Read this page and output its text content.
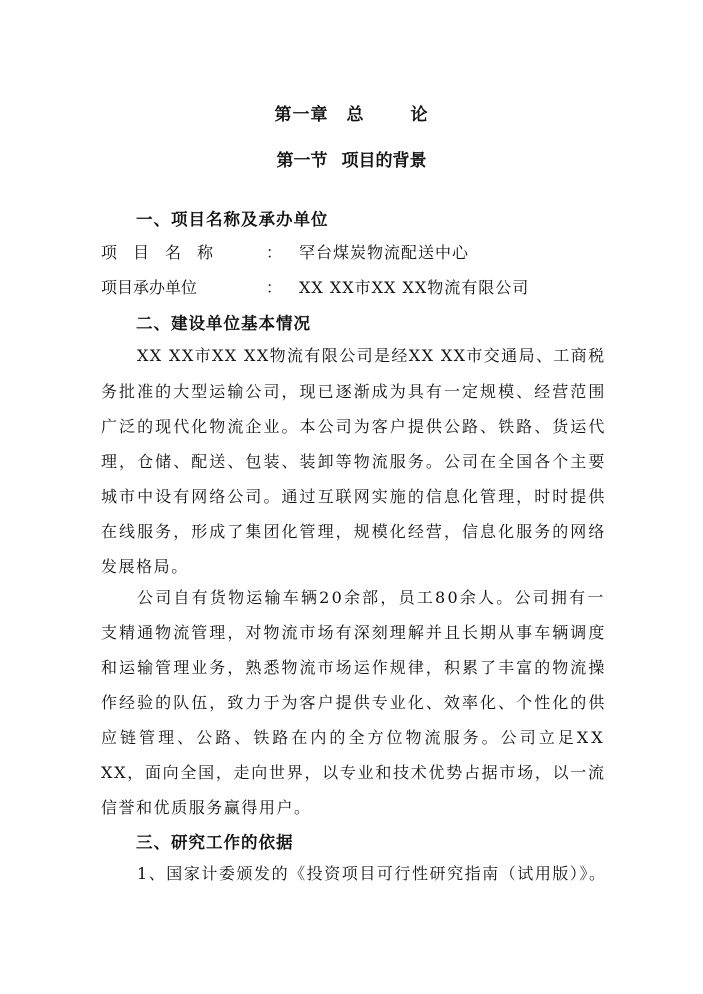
第一章 总	论
第一节 项目的背景
一、项目名称及承办单位
项　目　名　称	： 罕台煤炭物流配送中心
项目承办单位	： XX XX市XX XX物流有限公司
二、建设单位基本情况
XX XX市XX XX物流有限公司是经XX XX市交通局、工商税
务批准的大型运输公司，现已逐渐成为具有一定规模、经营范围
广泛的现代化物流企业。本公司为客户提供公路、铁路、货运代
理，仓储、配送、包装、装卸等物流服务。公司在全国各个主要
城市中设有网络公司。通过互联网实施的信息化管理，时时提供
在线服务，形成了集团化管理，规模化经营，信息化服务的网络
发展格局。
公司自有货物运输车辆20余部，员工80余人。公司拥有一
支精通物流管理，对物流市场有深刻理解并且长期从事车辆调度
和运输管理业务，熟悉物流市场运作规律，积累了丰富的物流操
作经验的队伍，致力于为客户提供专业化、效率化、个性化的供
应链管理、公路、铁路在内的全方位物流服务。公司立足XX
XX，面向全国，走向世界，以专业和技术优势占据市场，以一流
信誉和优质服务赢得用户。
三、研究工作的依据
1、国家计委颁发的《投资项目可行性研究指南（试用版）》。
